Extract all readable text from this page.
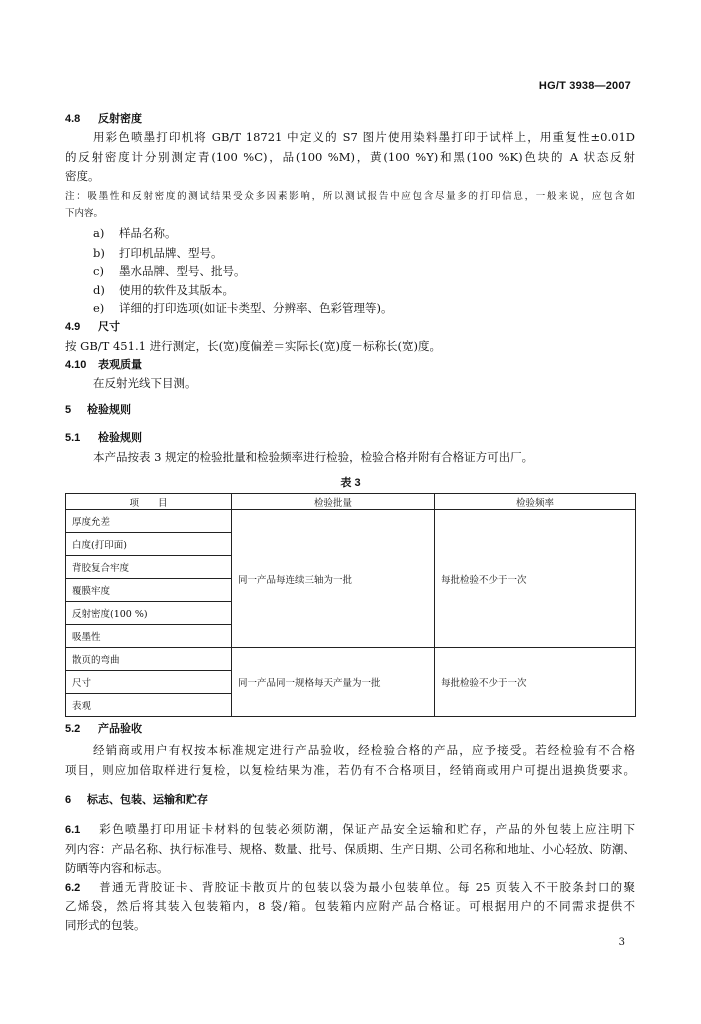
HG/T 3938—2007
4.8 反射密度
用彩色喷墨打印机将 GB/T 18721 中定义的 S7 图片使用染料墨打印于试样上，用重复性±0.01D
的反射密度计分别测定青(100 %C)，品(100 %M)，黄(100 %Y)和黑(100 %K)色块的 A 状态反射
密度。
注：吸墨性和反射密度的测试结果受众多因素影响，所以测试报告中应包含尽量多的打印信息，一般来说，应包含如
下内容。
a) 样品名称。
b) 打印机品牌、型号。
c) 墨水品牌、型号、批号。
d) 使用的软件及其版本。
e) 详细的打印选项(如证卡类型、分辨率、色彩管理等)。
4.9 尺寸
按 GB/T 451.1 进行测定，长(宽)度偏差＝实际长(宽)度－标称长(宽)度。
4.10 表观质量
在反射光线下目测。
5 检验规则
5.1 检验规则
本产品按表 3 规定的检验批量和检验频率进行检验，检验合格并附有合格证方可出厂。
表 3
项　　目	检验批量	检验频率
厚度允差	同一产品每连续三轴为一批	每批检验不少于一次
白度(打印面)		
背胶复合牢度		
覆膜牢度		
反射密度(100 %)		
吸墨性		
散页的弯曲	同一产品同一规格每天产量为一批	每批检验不少于一次
尺寸		
表观		
5.2 产品验收
经销商或用户有权按本标准规定进行产品验收，经检验合格的产品，应予接受。若经检验有不合格
项目，则应加倍取样进行复检，以复检结果为准，若仍有不合格项目，经销商或用户可提出退换货要求。
6 标志、包装、运输和贮存
6.1 彩色喷墨打印用证卡材料的包装必须防潮，保证产品安全运输和贮存，产品的外包装上应注明下
列内容：产品名称、执行标准号、规格、数量、批号、保质期、生产日期、公司名称和地址、小心轻放、防潮、
防晒等内容和标志。
6.2 普通无背胶证卡、背胶证卡散页片的包装以袋为最小包装单位。每 25 页装入不干胶条封口的聚
乙烯袋，然后将其装入包装箱内，8 袋/箱。包装箱内应附产品合格证。可根据用户的不同需求提供不
同形式的包装。
3
